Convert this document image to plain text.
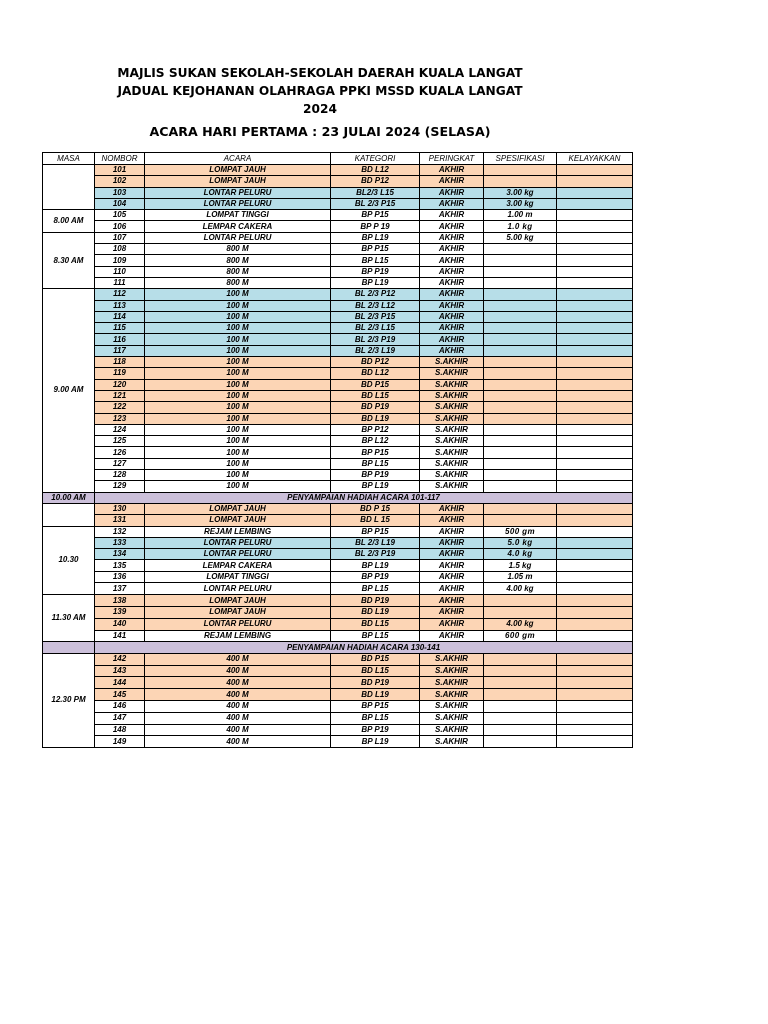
MAJLIS SUKAN SEKOLAH-SEKOLAH DAERAH KUALA LANGAT
JADUAL KEJOHANAN OLAHRAGA PPKI MSSD KUALA LANGAT
2024
ACARA HARI PERTAMA : 23 JULAI 2024 (SELASA)
MASA	NOMBOR	ACARA	KATEGORI	PERINGKAT	SPESIFIKASI	KELAYAKKAN
	101	LOMPAT JAUH	BD L12	AKHIR		
	102	LOMPAT JAUH	BD P12	AKHIR		
	103	LONTAR PELURU	BL2/3 L15	AKHIR	3.00 kg	
	104	LONTAR PELURU	BL 2/3 P15	AKHIR	3.00 kg	
8.00 AM	105	LOMPAT TINGGI	BP P15	AKHIR	1.00 m	
	106	LEMPAR CAKERA	BP P 19	AKHIR	1.0 kg	
8.30 AM	107	LONTAR PELURU	BP L19	AKHIR	5.00 kg	
	108	800 M	BP P15	AKHIR		
	109	800 M	BP L15	AKHIR		
	110	800 M	BP P19	AKHIR		
	111	800 M	BP L19	AKHIR		
9.00 AM	112	100 M	BL 2/3 P12	AKHIR		
	113	100 M	BL 2/3 L12	AKHIR		
	114	100 M	BL 2/3 P15	AKHIR		
	115	100 M	BL 2/3 L15	AKHIR		
	116	100 M	BL 2/3 P19	AKHIR		
	117	100 M	BL 2/3 L19	AKHIR		
	118	100 M	BD P12	S.AKHIR		
	119	100 M	BD L12	S.AKHIR		
	120	100 M	BD P15	S.AKHIR		
	121	100 M	BD L15	S.AKHIR		
	122	100 M	BD P19	S.AKHIR		
	123	100 M	BD L19	S.AKHIR		
	124	100 M	BP P12	S.AKHIR		
	125	100 M	BP L12	S.AKHIR		
	126	100 M	BP P15	S.AKHIR		
	127	100 M	BP L15	S.AKHIR		
	128	100 M	BP P19	S.AKHIR		
	129	100 M	BP L19	S.AKHIR		
10.00 AM	PENYAMPAIAN HADIAH ACARA 101-117					
	130	LOMPAT JAUH	BD P 15	AKHIR		
	131	LOMPAT JAUH	BD L 15	AKHIR		
10.30	132	REJAM LEMBING	BP P15	AKHIR	500 gm	
	133	LONTAR PELURU	BL 2/3 L19	AKHIR	5.0 kg	
	134	LONTAR PELURU	BL 2/3 P19	AKHIR	4.0 kg	
	135	LEMPAR CAKERA	BP L19	AKHIR	1.5 kg	
	136	LOMPAT TINGGI	BP P19	AKHIR	1.05 m	
	137	LONTAR PELURU	BP L15	AKHIR	4.00 kg	
11.30 AM	138	LOMPAT JAUH	BD P19	AKHIR		
	139	LOMPAT JAUH	BD L19	AKHIR		
	140	LONTAR PELURU	BD L15	AKHIR	4.00 kg	
	141	REJAM LEMBING	BP L15	AKHIR	600 gm	
	PENYAMPAIAN HADIAH ACARA 130-141					
12.30 PM	142	400 M	BD P15	S.AKHIR		
	143	400 M	BD L15	S.AKHIR		
	144	400 M	BD P19	S.AKHIR		
	145	400 M	BD L19	S.AKHIR		
	146	400 M	BP P15	S.AKHIR		
	147	400 M	BP L15	S.AKHIR		
	148	400 M	BP P19	S.AKHIR		
	149	400 M	BP L19	S.AKHIR		
